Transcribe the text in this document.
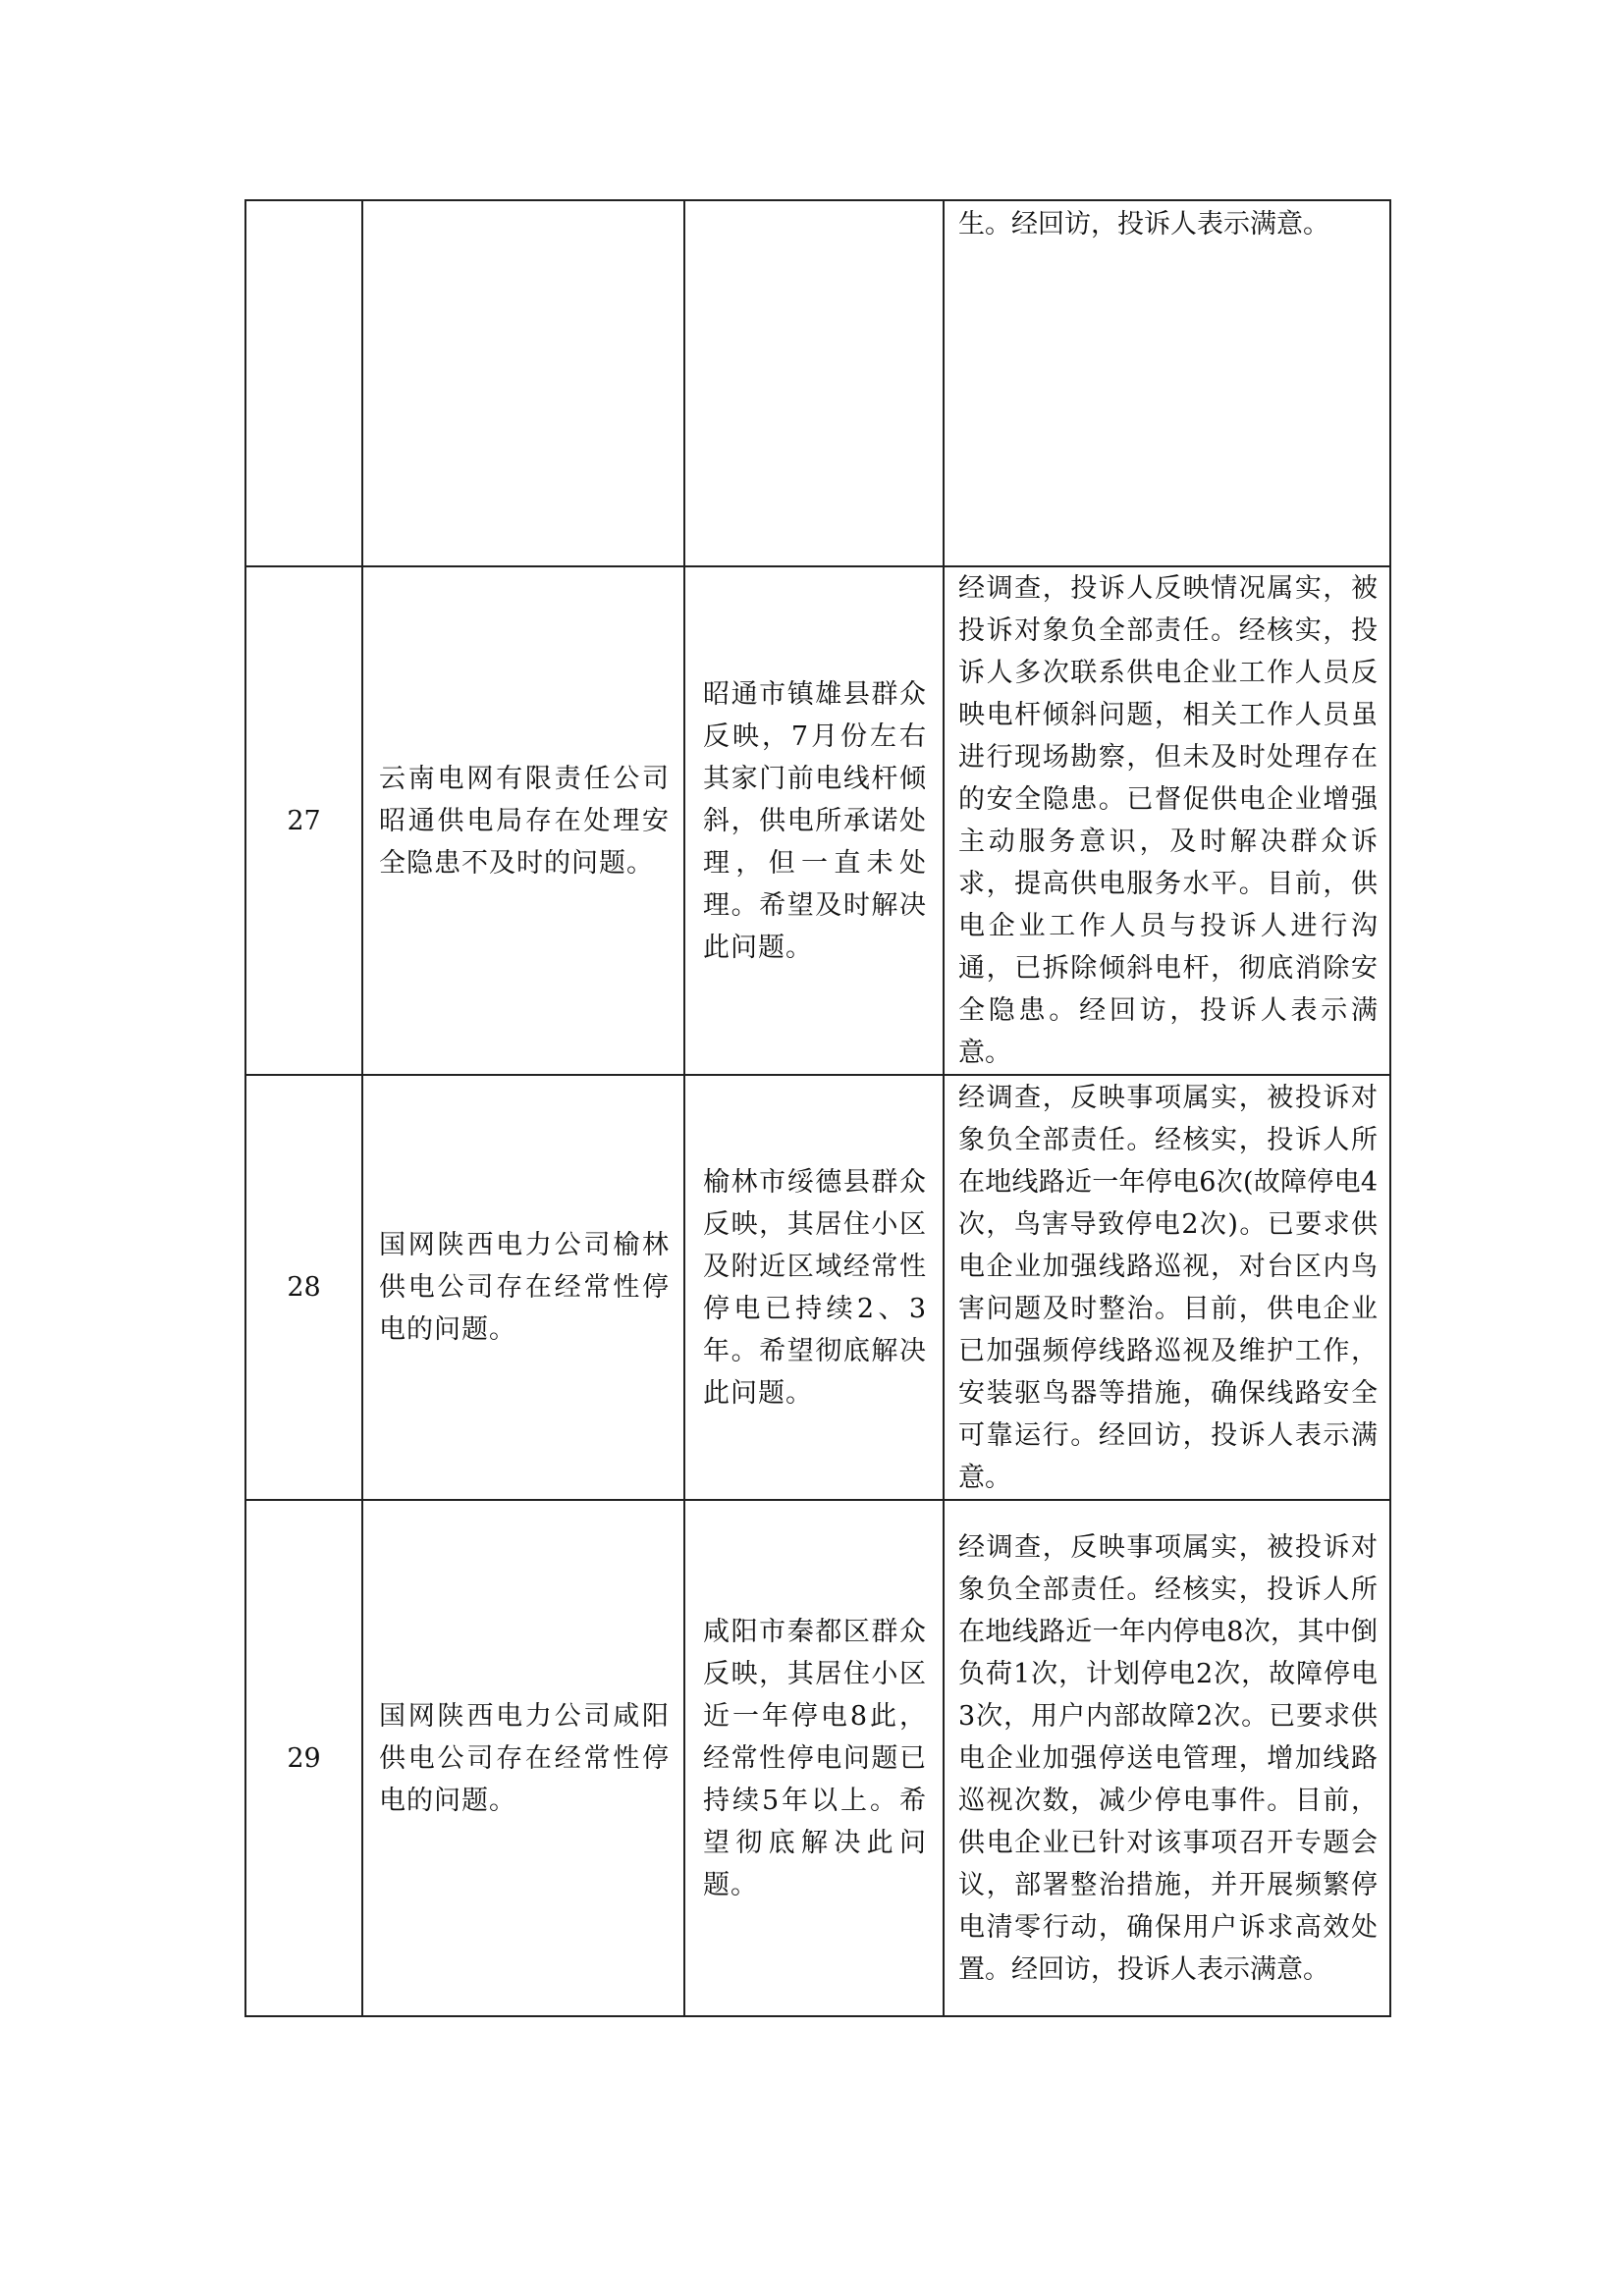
			生。经回访，投诉人表示满意。

27	云南电网有限责任公司昭通供电局存在处理安全隐患不及时的问题。	昭通市镇雄县群众反映，7月份左右其家门前电线杆倾斜，供电所承诺处理，但一直未处理。希望及时解决此问题。	经调查，投诉人反映情况属实，被投诉对象负全部责任。经核实，投诉人多次联系供电企业工作人员反映电杆倾斜问题，相关工作人员虽进行现场勘察，但未及时处理存在的安全隐患。已督促供电企业增强主动服务意识，及时解决群众诉求，提高供电服务水平。目前，供电企业工作人员与投诉人进行沟通，已拆除倾斜电杆，彻底消除安全隐患。经回访，投诉人表示满意。

28	国网陕西电力公司榆林供电公司存在经常性停电的问题。	榆林市绥德县群众反映，其居住小区及附近区域经常性停电已持续2、3年。希望彻底解决此问题。	经调查，反映事项属实，被投诉对象负全部责任。经核实，投诉人所在地线路近一年停电6次(故障停电4次，鸟害导致停电2次)。已要求供电企业加强线路巡视，对台区内鸟害问题及时整治。目前，供电企业已加强频停线路巡视及维护工作，安装驱鸟器等措施，确保线路安全可靠运行。经回访，投诉人表示满意。

29	国网陕西电力公司咸阳供电公司存在经常性停电的问题。	咸阳市秦都区群众反映，其居住小区近一年停电8此，经常性停电问题已持续5年以上。希望彻底解决此问题。	经调查，反映事项属实，被投诉对象负全部责任。经核实，投诉人所在地线路近一年内停电8次，其中倒负荷1次，计划停电2次，故障停电3次，用户内部故障2次。已要求供电企业加强停送电管理，增加线路巡视次数，减少停电事件。目前，供电企业已针对该事项召开专题会议，部署整治措施，并开展频繁停电清零行动，确保用户诉求高效处置。经回访，投诉人表示满意。
